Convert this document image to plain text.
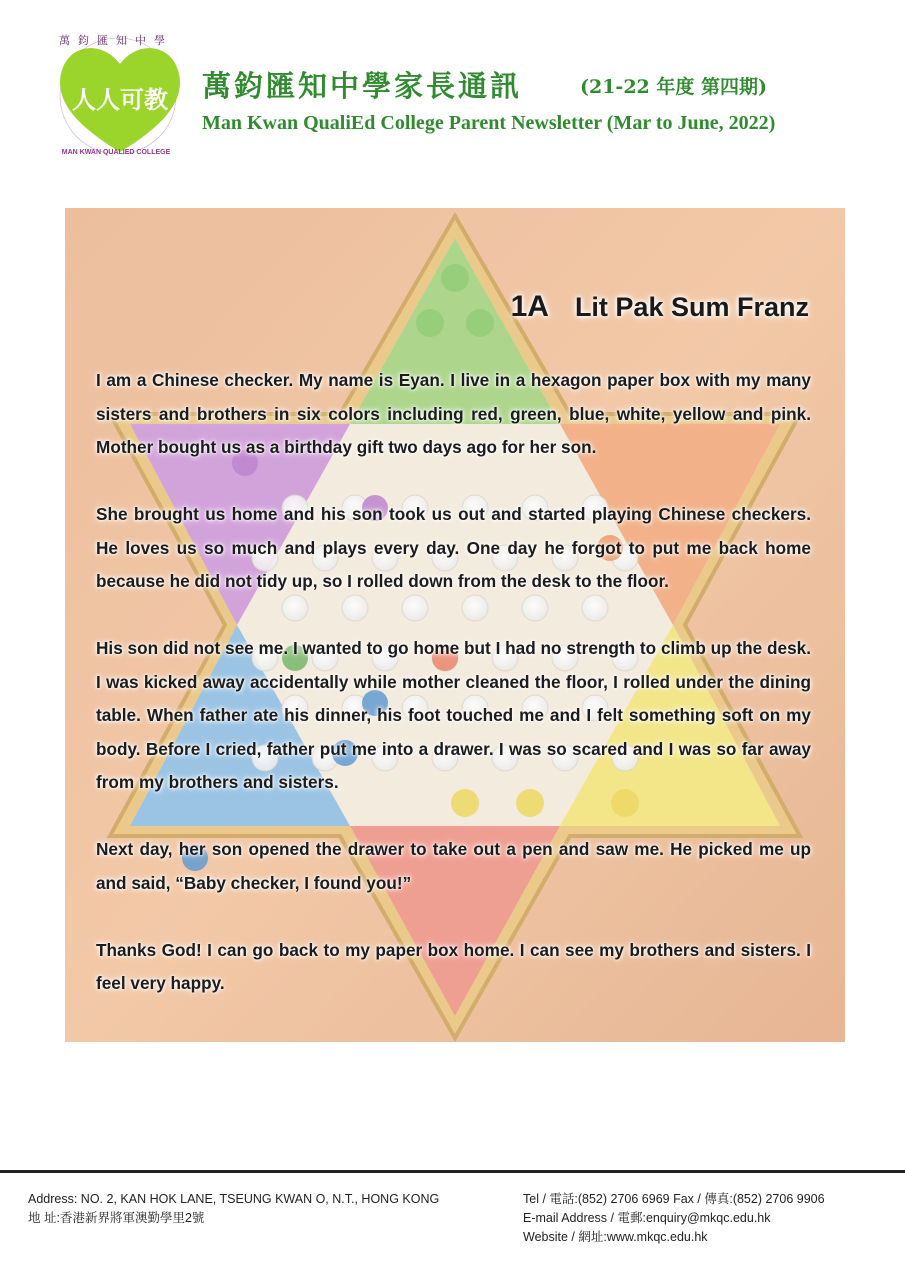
人人可教
萬鈞匯知中學
MAN KWAN QUALIED COLLEGE
萬鈞匯知中學家長通訊	(21-22 年度 第四期)
Man Kwan QualiEd College Parent Newsletter (Mar to June, 2022)
1A Lit Pak Sum Franz

I am a Chinese checker. My name is Eyan. I live in a hexagon paper box with my many sisters and brothers in six colors including red, green, blue, white, yellow and pink. Mother bought us as a birthday gift two days ago for her son.

She brought us home and his son took us out and started playing Chinese checkers. He loves us so much and plays every day. One day he forgot to put me back home because he did not tidy up, so I rolled down from the desk to the floor.

His son did not see me. I wanted to go home but I had no strength to climb up the desk. I was kicked away accidentally while mother cleaned the floor, I rolled under the dining table. When father ate his dinner, his foot touched me and I felt something soft on my body. Before I cried, father put me into a drawer. I was so scared and I was so far away from my brothers and sisters.

Next day, her son opened the drawer to take out a pen and saw me. He picked me up and said, “Baby checker, I found you!”

Thanks God! I can go back to my paper box home. I can see my brothers and sisters. I feel very happy.

Address: NO. 2, KAN HOK LANE, TSEUNG KWAN O, N.T., HONG KONG
地 址:香港新界將軍澳勤學里2號
Tel / 電話:(852) 2706 6969 Fax / 傳真:(852) 2706 9906
E-mail Address / 電郵:enquiry@mkqc.edu.hk
Website / 網址:www.mkqc.edu.hk
